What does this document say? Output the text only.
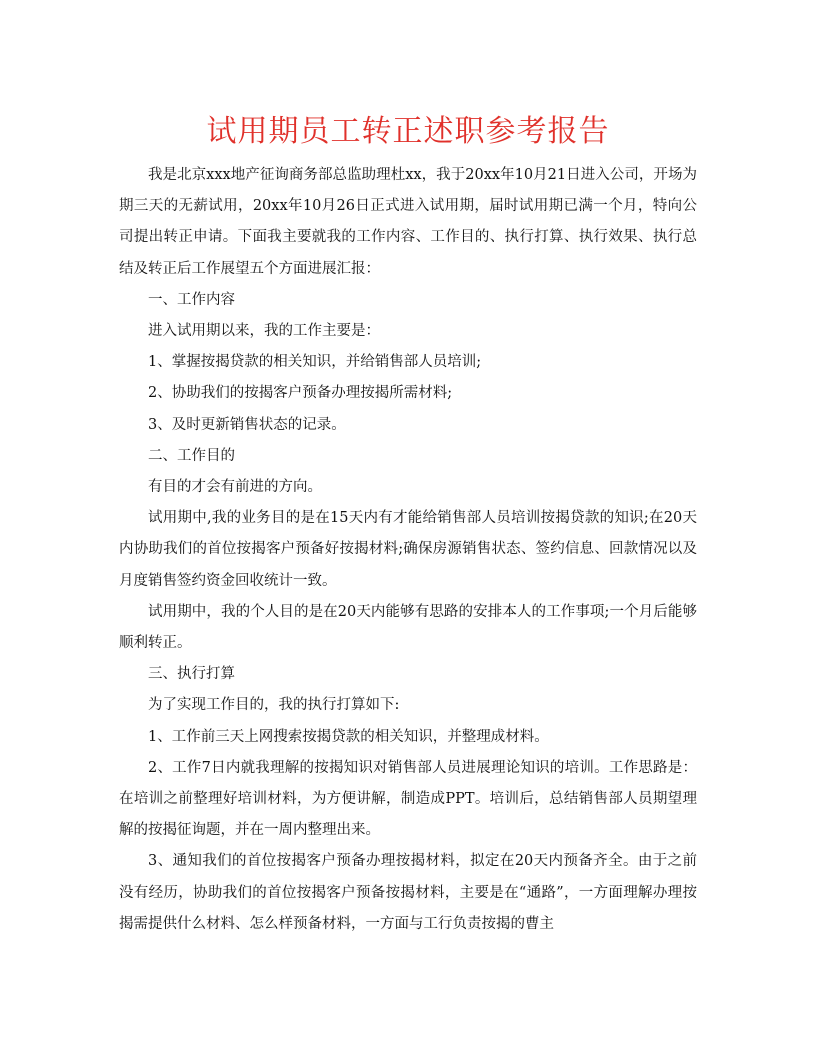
试用期员工转正述职参考报告

我是北京xxx地产征询商务部总监助理杜xx，我于20xx年10月21日进入公司，开场为期三天的无薪试用，20xx年10月26日正式进入试用期，届时试用期已满一个月，特向公司提出转正申请。下面我主要就我的工作内容、工作目的、执行打算、执行效果、执行总结及转正后工作展望五个方面进展汇报：

一、工作内容

进入试用期以来，我的工作主要是：

1、掌握按揭贷款的相关知识，并给销售部人员培训;

2、协助我们的按揭客户预备办理按揭所需材料;

3、及时更新销售状态的记录。

二、工作目的

有目的才会有前进的方向。

试用期中,我的业务目的是在15天内有才能给销售部人员培训按揭贷款的知识;在20天内协助我们的首位按揭客户预备好按揭材料;确保房源销售状态、签约信息、回款情况以及月度销售签约资金回收统计一致。

试用期中，我的个人目的是在20天内能够有思路的安排本人的工作事项;一个月后能够顺利转正。

三、执行打算

为了实现工作目的，我的执行打算如下:

1、工作前三天上网搜索按揭贷款的相关知识，并整理成材料。

2、工作7日内就我理解的按揭知识对销售部人员进展理论知识的培训。工作思路是：在培训之前整理好培训材料，为方便讲解，制造成PPT。培训后，总结销售部人员期望理解的按揭征询题，并在一周内整理出来。

3、通知我们的首位按揭客户预备办理按揭材料，拟定在20天内预备齐全。由于之前没有经历，协助我们的首位按揭客户预备按揭材料，主要是在“通路”，一方面理解办理按揭需提供什么材料、怎么样预备材料，一方面与工行负责按揭的曹主
